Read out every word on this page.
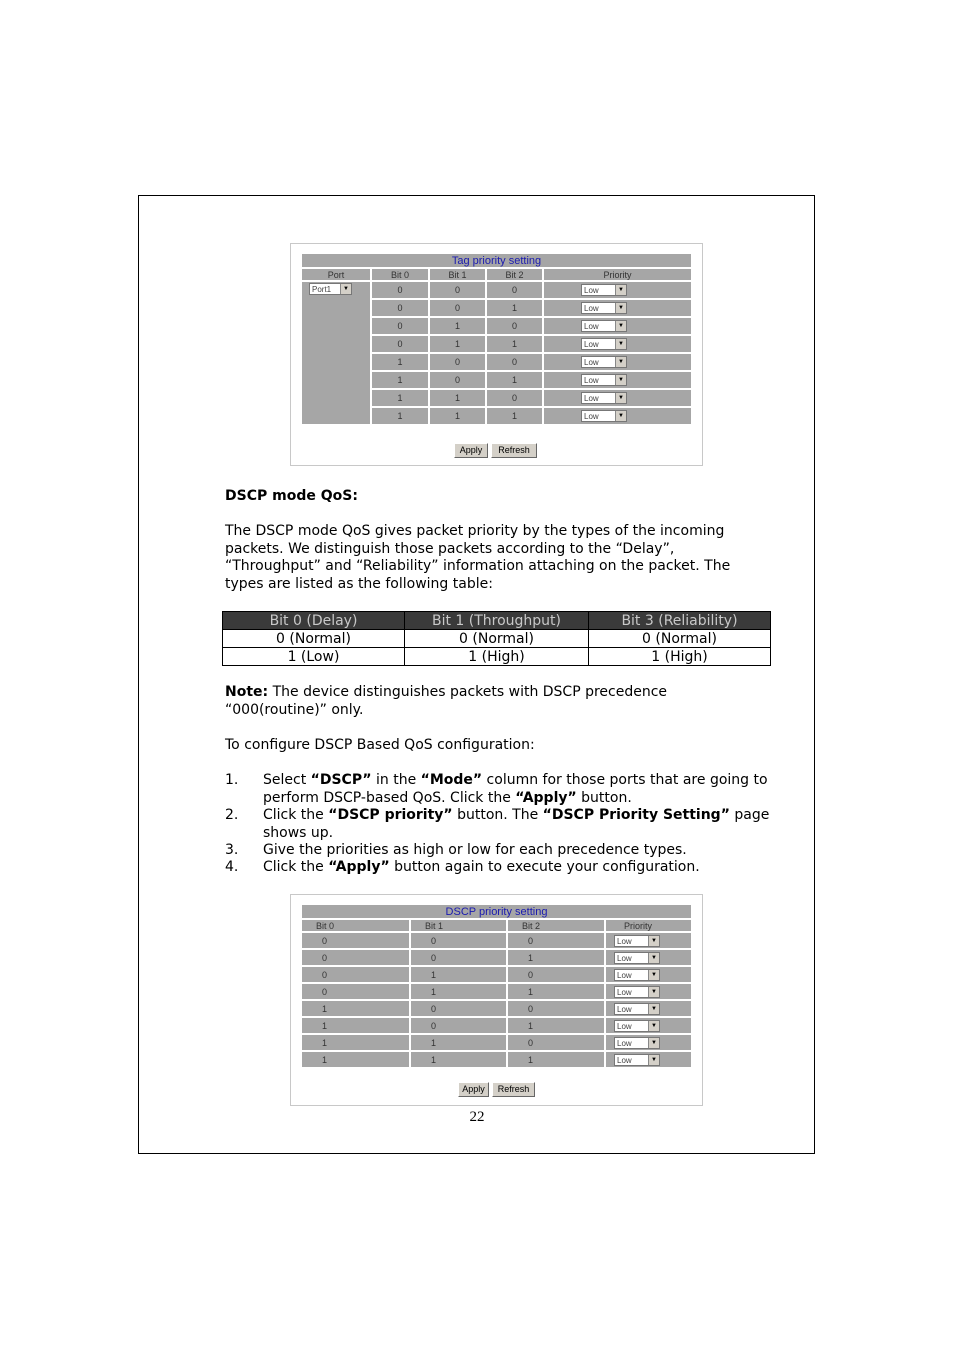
Tag priority setting				
Port	Bit 0	Bit 1	Bit 2	Priority
Port1 ▼	0	0	0	Low ▼

	0	0	1	Low ▼

	0	1	0	Low ▼

	0	1	1	Low ▼

	1	0	0	Low ▼

	1	0	1	Low ▼

	1	1	0	Low ▼

	1	1	1	Low ▼
Apply	Refresh
DSCP mode QoS:
The DSCP mode QoS gives packet priority by the types of the incoming
packets. We distinguish those packets according to the “Delay”,
“Throughput” and “Reliability” information attaching on the packet. The
types are listed as the following table:
Bit 0 (Delay)	Bit 1 (Throughput)	Bit 3 (Reliability)
0 (Normal)	0 (Normal)	0 (Normal)
1 (Low)	1 (High)	1 (High)
Note: The device distinguishes packets with DSCP precedence
“000(routine)” only.
To configure DSCP Based QoS configuration:
1. Select “DSCP” in the “Mode” column for those ports that are going to perform DSCP-based QoS. Click the “Apply” button.
2. Click the “DSCP priority” button. The “DSCP Priority Setting” page shows up.
3. Give the priorities as high or low for each precedence types.
4. Click the “Apply” button again to execute your configuration.
DSCP priority setting			
Bit 0	Bit 1	Bit 2	Priority
0	0	0	Low ▼

0	0	1	Low ▼

0	1	0	Low ▼

0	1	1	Low ▼

1	0	0	Low ▼

1	0	1	Low ▼

1	1	0	Low ▼

1	1	1	Low ▼
Apply	Refresh
22
